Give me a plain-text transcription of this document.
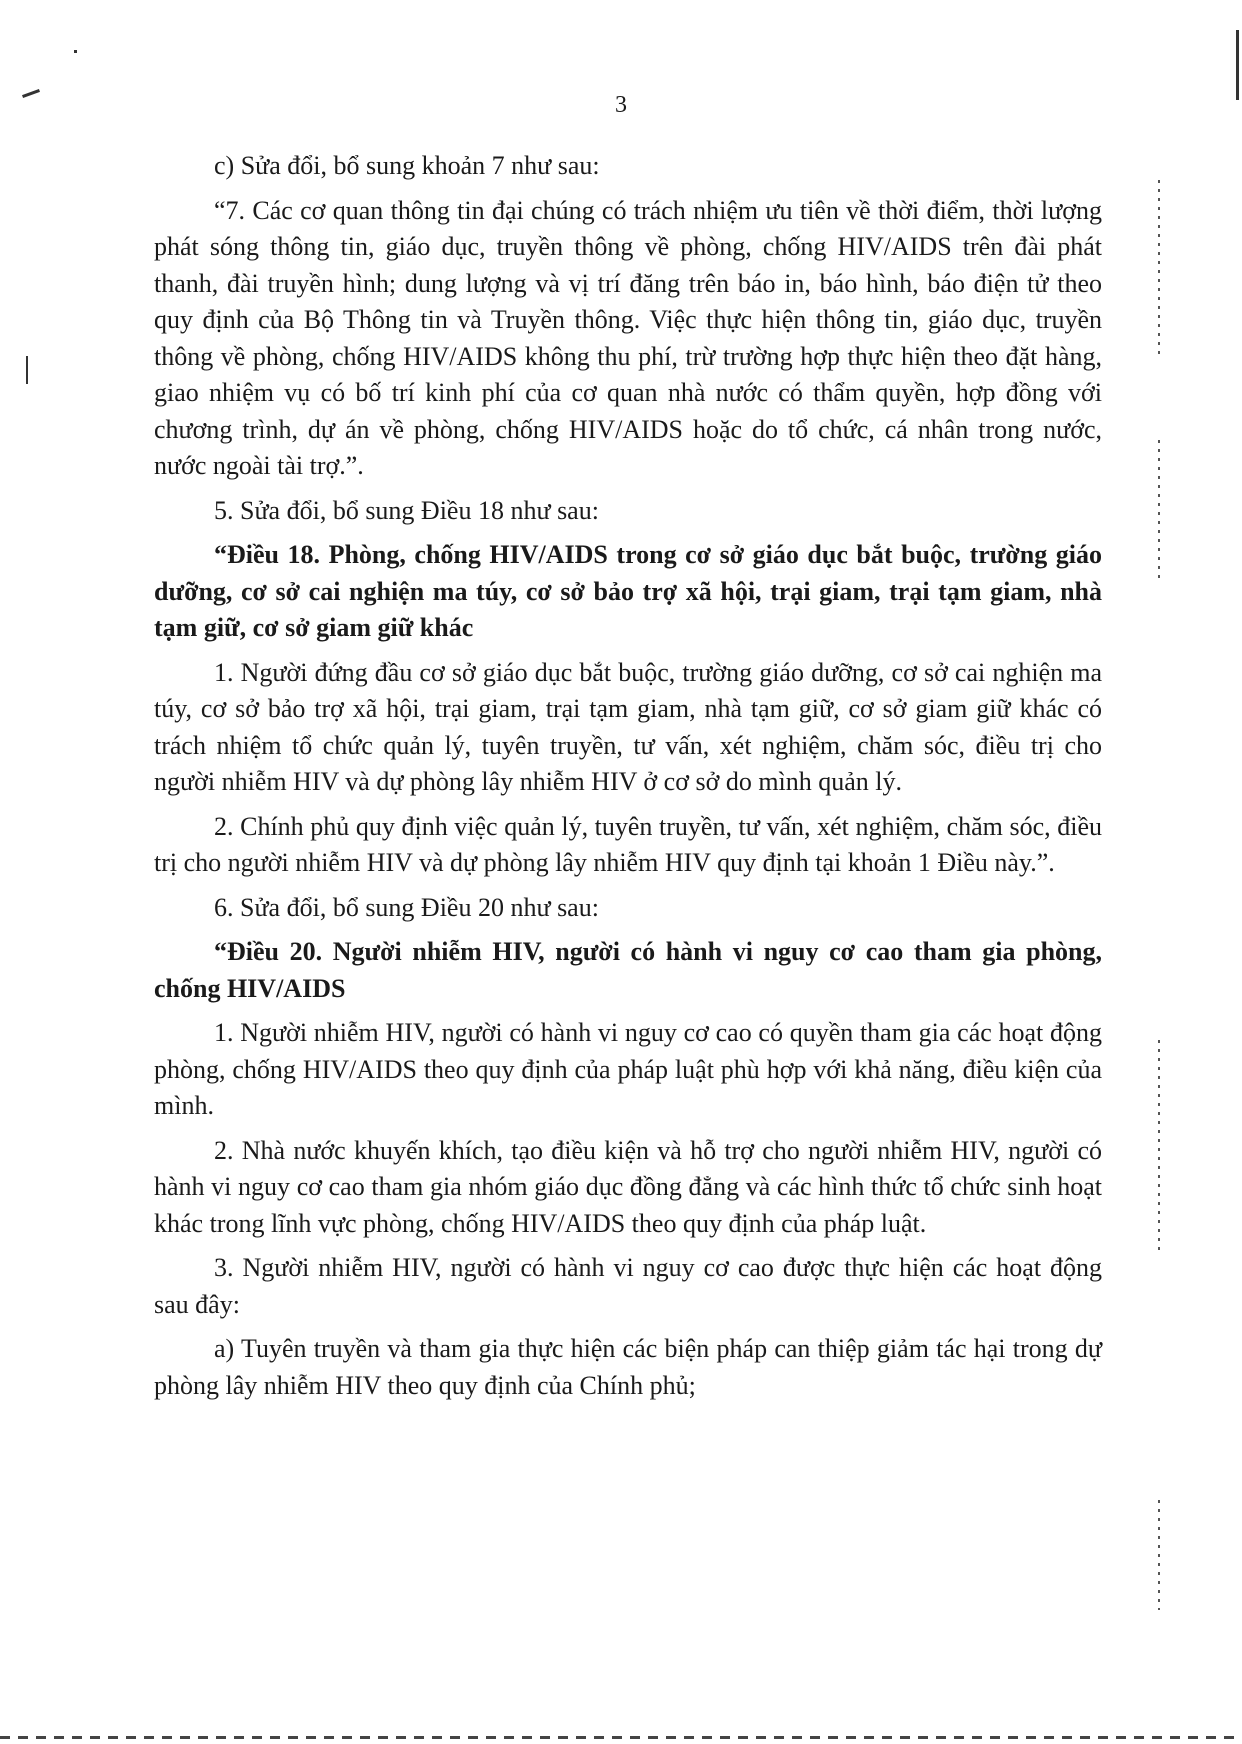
3

c) Sửa đổi, bổ sung khoản 7 như sau:

“7. Các cơ quan thông tin đại chúng có trách nhiệm ưu tiên về thời điểm, thời lượng phát sóng thông tin, giáo dục, truyền thông về phòng, chống HIV/AIDS trên đài phát thanh, đài truyền hình; dung lượng và vị trí đăng trên báo in, báo hình, báo điện tử theo quy định của Bộ Thông tin và Truyền thông. Việc thực hiện thông tin, giáo dục, truyền thông về phòng, chống HIV/AIDS không thu phí, trừ trường hợp thực hiện theo đặt hàng, giao nhiệm vụ có bố trí kinh phí của cơ quan nhà nước có thẩm quyền, hợp đồng với chương trình, dự án về phòng, chống HIV/AIDS hoặc do tổ chức, cá nhân trong nước, nước ngoài tài trợ.”.

5. Sửa đổi, bổ sung Điều 18 như sau:

“Điều 18. Phòng, chống HIV/AIDS trong cơ sở giáo dục bắt buộc, trường giáo dưỡng, cơ sở cai nghiện ma túy, cơ sở bảo trợ xã hội, trại giam, trại tạm giam, nhà tạm giữ, cơ sở giam giữ khác

1. Người đứng đầu cơ sở giáo dục bắt buộc, trường giáo dưỡng, cơ sở cai nghiện ma túy, cơ sở bảo trợ xã hội, trại giam, trại tạm giam, nhà tạm giữ, cơ sở giam giữ khác có trách nhiệm tổ chức quản lý, tuyên truyền, tư vấn, xét nghiệm, chăm sóc, điều trị cho người nhiễm HIV và dự phòng lây nhiễm HIV ở cơ sở do mình quản lý.

2. Chính phủ quy định việc quản lý, tuyên truyền, tư vấn, xét nghiệm, chăm sóc, điều trị cho người nhiễm HIV và dự phòng lây nhiễm HIV quy định tại khoản 1 Điều này.”.

6. Sửa đổi, bổ sung Điều 20 như sau:

“Điều 20. Người nhiễm HIV, người có hành vi nguy cơ cao tham gia phòng, chống HIV/AIDS

1. Người nhiễm HIV, người có hành vi nguy cơ cao có quyền tham gia các hoạt động phòng, chống HIV/AIDS theo quy định của pháp luật phù hợp với khả năng, điều kiện của mình.

2. Nhà nước khuyến khích, tạo điều kiện và hỗ trợ cho người nhiễm HIV, người có hành vi nguy cơ cao tham gia nhóm giáo dục đồng đẳng và các hình thức tổ chức sinh hoạt khác trong lĩnh vực phòng, chống HIV/AIDS theo quy định của pháp luật.

3. Người nhiễm HIV, người có hành vi nguy cơ cao được thực hiện các hoạt động sau đây:

a) Tuyên truyền và tham gia thực hiện các biện pháp can thiệp giảm tác hại trong dự phòng lây nhiễm HIV theo quy định của Chính phủ;
